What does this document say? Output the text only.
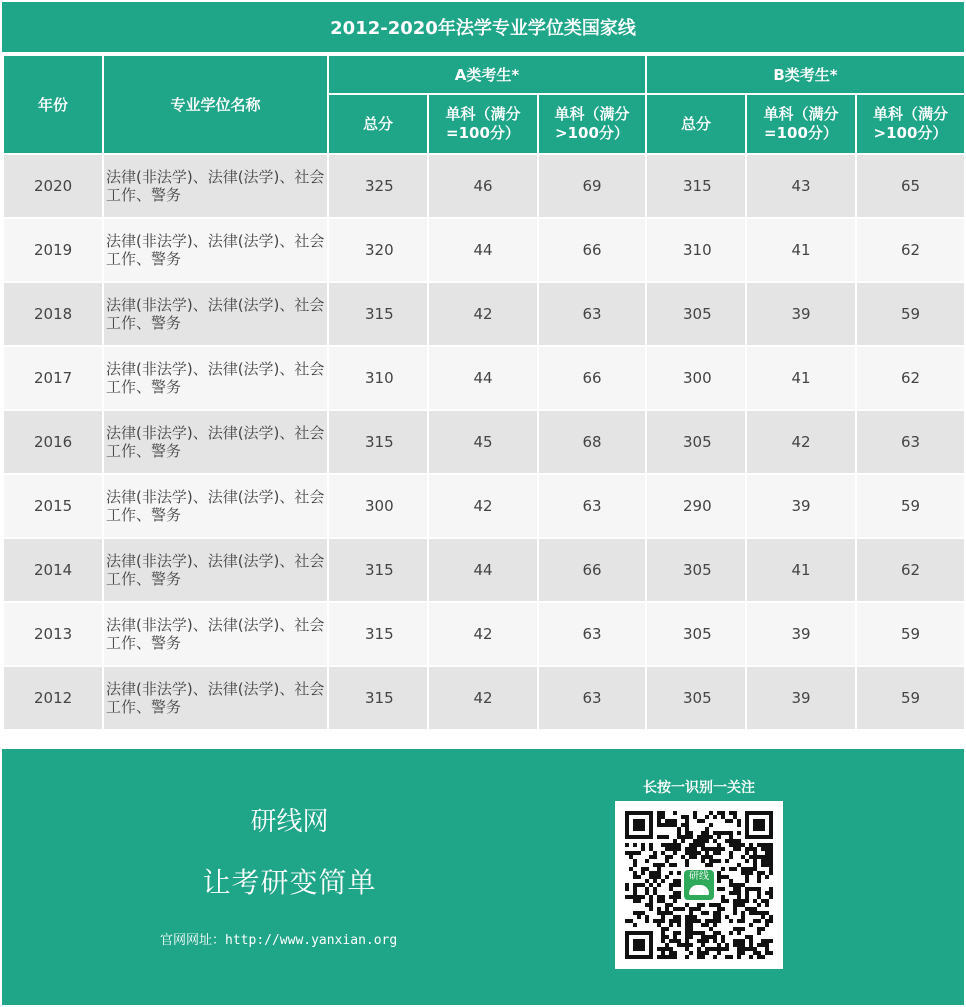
2012-2020年法学专业学位类国家线
年份	专业学位名称	A类考生*			B类考生*		
		总分	单科（满分=100分）	单科（满分>100分）	总分	单科（满分=100分）	单科（满分>100分）
2020	法律(非法学)、法律(法学)、社会工作、警务	325	46	69	315	43	65
2019	法律(非法学)、法律(法学)、社会工作、警务	320	44	66	310	41	62
2018	法律(非法学)、法律(法学)、社会工作、警务	315	42	63	305	39	59
2017	法律(非法学)、法律(法学)、社会工作、警务	310	44	66	300	41	62
2016	法律(非法学)、法律(法学)、社会工作、警务	315	45	68	305	42	63
2015	法律(非法学)、法律(法学)、社会工作、警务	300	42	63	290	39	59
2014	法律(非法学)、法律(法学)、社会工作、警务	315	44	66	305	41	62
2013	法律(非法学)、法律(法学)、社会工作、警务	315	42	63	305	39	59
2012	法律(非法学)、法律(法学)、社会工作、警务	315	42	63	305	39	59
研线网
让考研变简单
官网网址：http://www.yanxian.org
长按一识别一关注
研线
